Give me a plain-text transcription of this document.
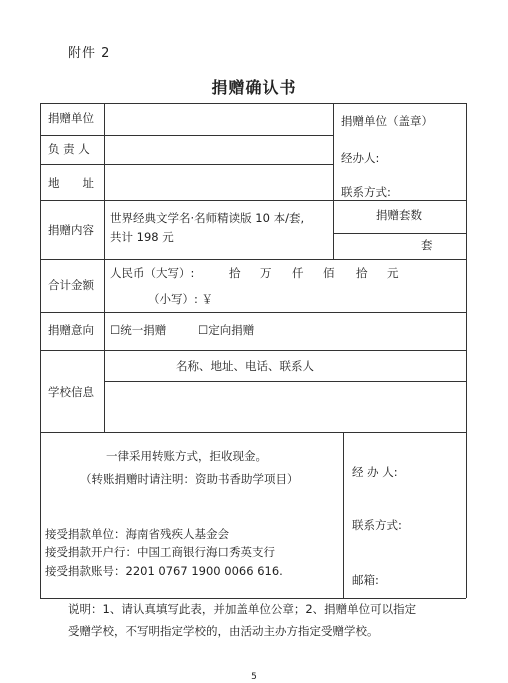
附件 2
捐赠确认书
捐赠单位
负 责 人
地　　址
捐赠内容
合计金额
捐赠意向
学校信息
捐赠单位（盖章）
经办人:
联系方式:
世界经典文学名·名师精读版 10 本/套,
共计 198 元
捐赠套数
套
人民币（大写）:	拾 万 仟 佰 拾 元
（小写）: ￥
☐统一捐赠	☐定向捐赠
名称、地址、电话、联系人
一律采用转账方式，拒收现金。
（转账捐赠时请注明：资助书香助学项目）
接受捐款单位：海南省残疾人基金会
接受捐款开户行：中国工商银行海口秀英支行
接受捐款账号：2201 0767 1900 0066 616.
经 办 人:
联系方式:
邮箱:
说明：1、请认真填写此表，并加盖单位公章；2、捐赠单位可以指定
受赠学校，不写明指定学校的，由活动主办方指定受赠学校。
5
